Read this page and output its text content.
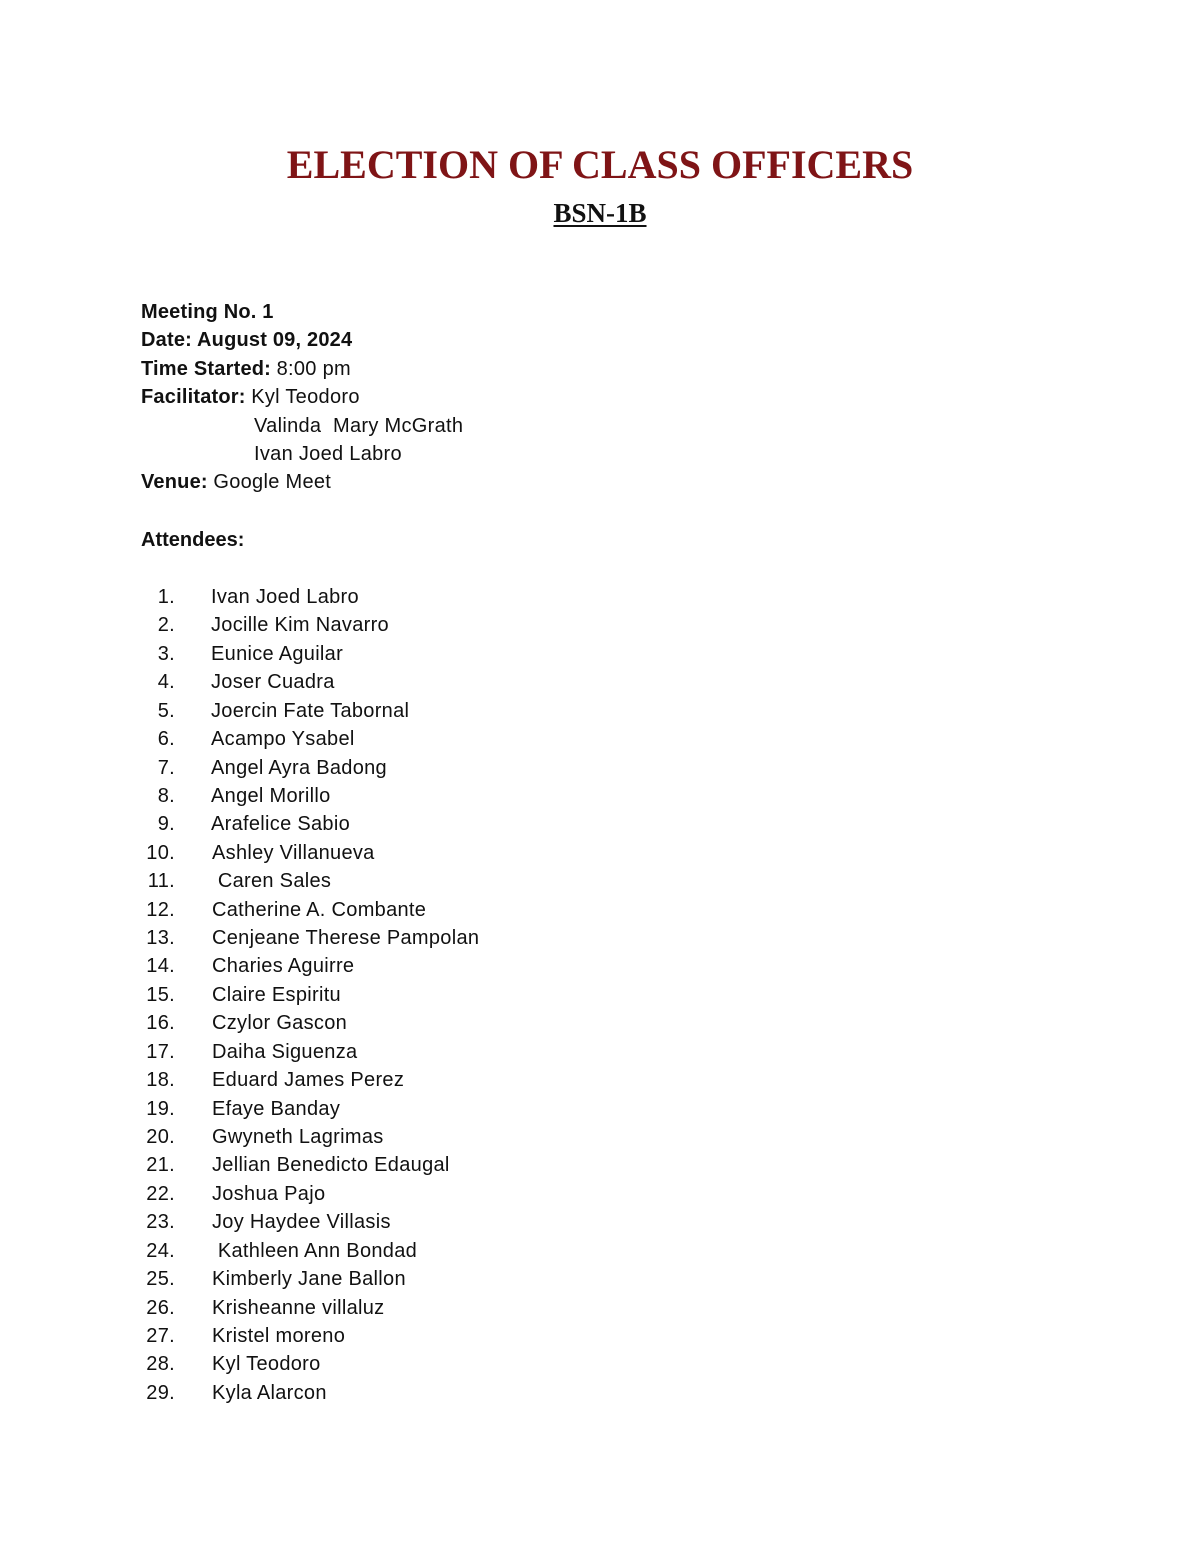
ELECTION OF CLASS OFFICERS
BSN-1B
Meeting No. 1
Date: August 09, 2024
Time Started: 8:00 pm
Facilitator: Kyl Teodoro
Valinda  Mary McGrath
Ivan Joed Labro
Venue: Google Meet
Attendees:
1. Ivan Joed Labro
2. Jocille Kim Navarro
3. Eunice Aguilar
4. Joser Cuadra
5. Joercin Fate Tabornal
6. Acampo Ysabel
7. Angel Ayra Badong
8. Angel Morillo
9. Arafelice Sabio
10. Ashley Villanueva
11. Caren Sales
12. Catherine A. Combante
13. Cenjeane Therese Pampolan
14. Charies Aguirre
15. Claire Espiritu
16. Czylor Gascon
17. Daiha Siguenza
18. Eduard James Perez
19. Efaye Banday
20. Gwyneth Lagrimas
21. Jellian Benedicto Edaugal
22. Joshua Pajo
23. Joy Haydee Villasis
24. Kathleen Ann Bondad
25. Kimberly Jane Ballon
26. Krisheanne villaluz
27. Kristel moreno
28. Kyl Teodoro
29. Kyla Alarcon
